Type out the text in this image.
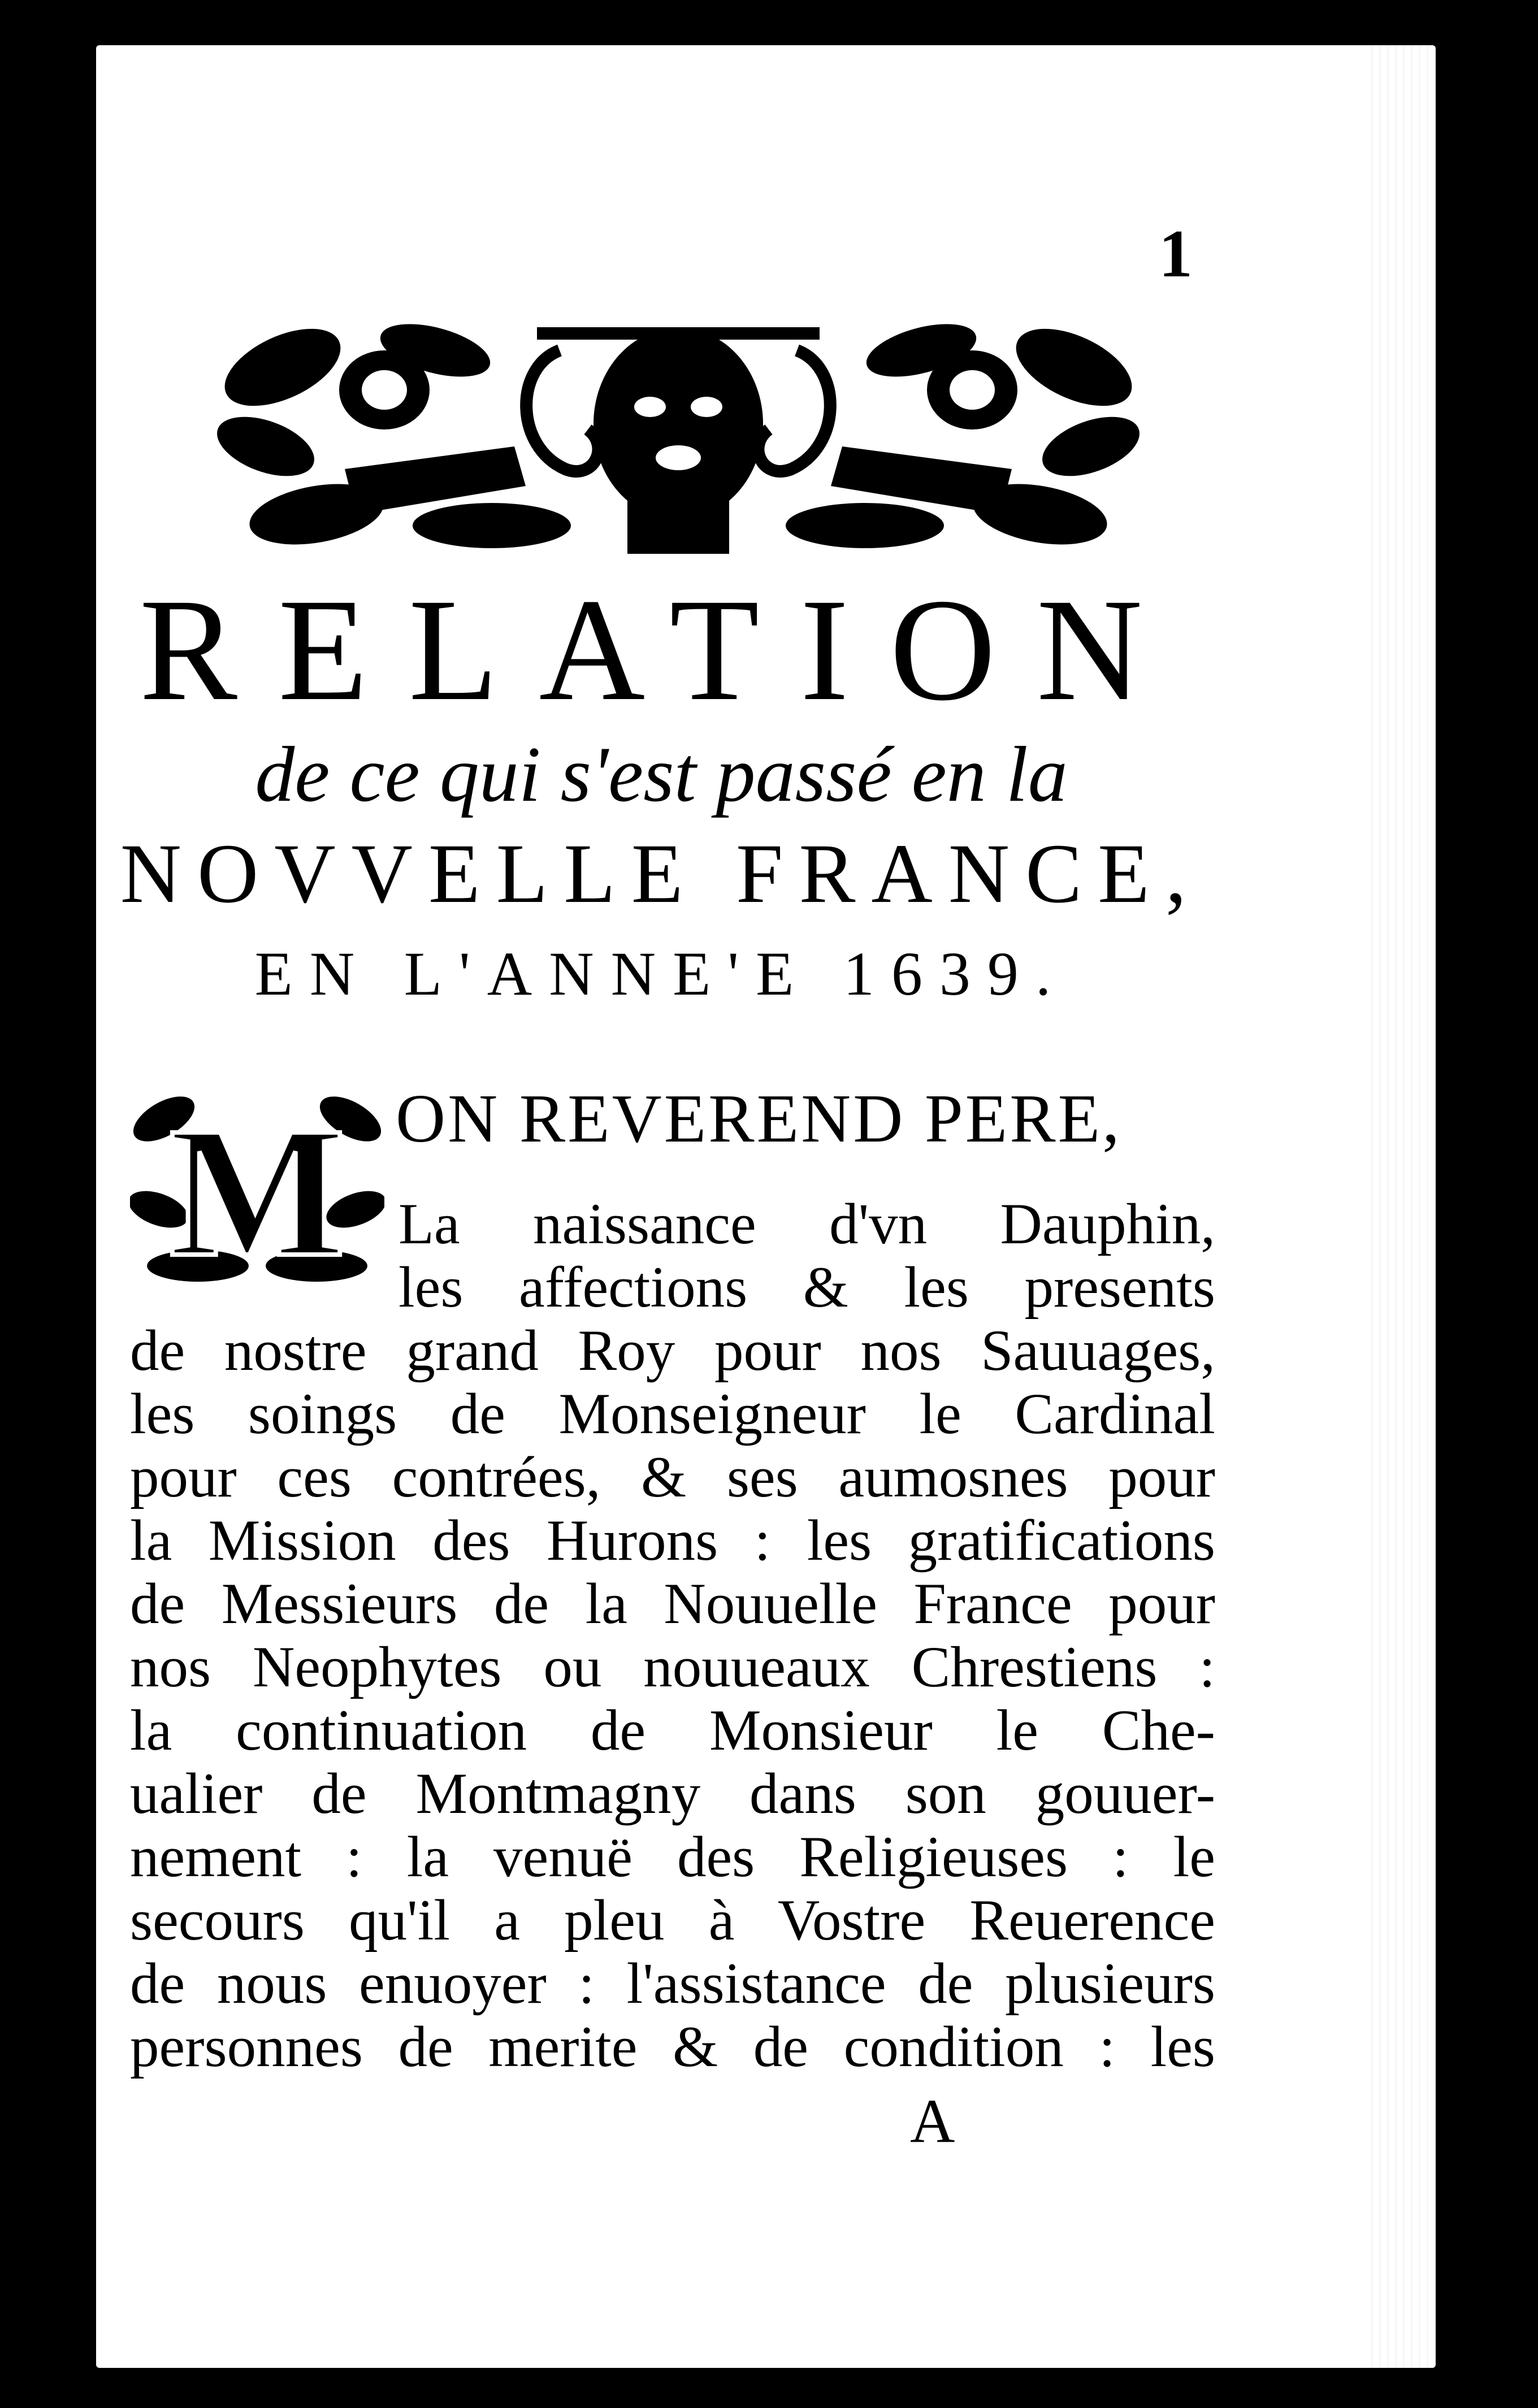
1
RELATION
de ce qui s'est passé en la
NOVVELLE FRANCE,
EN L'ANNE'E 1639.
M ON REVEREND PERE,
La naissance d'vn Dauphin,
les affections & les presents
de nostre grand Roy pour nos Sauuages,
les soings de Monseigneur le Cardinal
pour ces contrées, & ses aumosnes pour
la Mission des Hurons : les gratifications
de Messieurs de la Nouuelle France pour
nos Neophytes ou nouueaux Chrestiens :
la continuation de Monsieur le Che-
ualier de Montmagny dans son gouuer-
nement : la venuë des Religieuses : le
secours qu'il a pleu à Vostre Reuerence
de nous enuoyer : l'assistance de plusieurs
personnes de merite & de condition : les
A
